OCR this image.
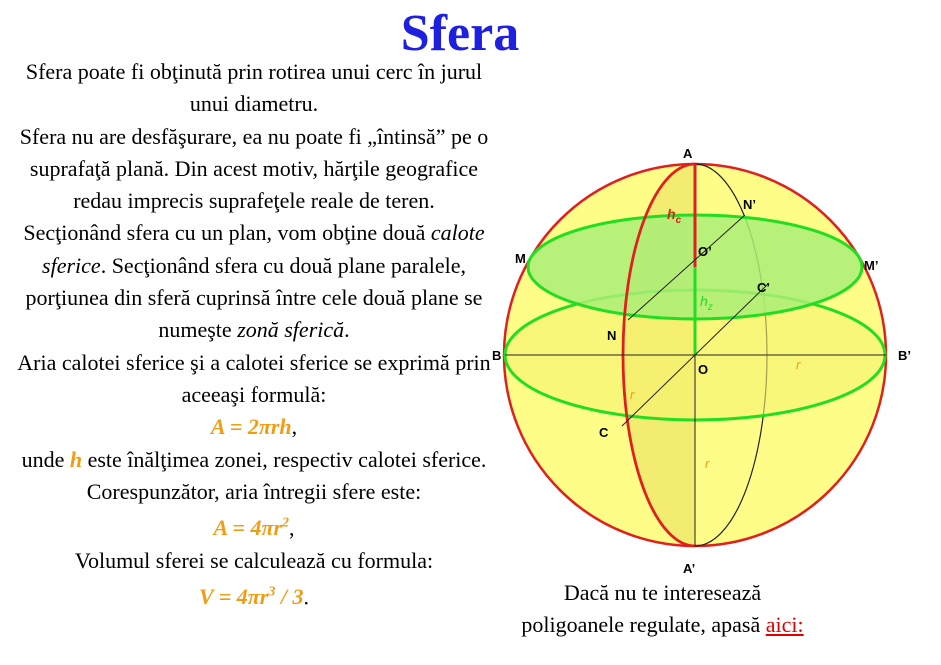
Sfera

Sfera poate fi obţinută prin rotirea unui cerc în jurul unui diametru.

Sfera nu are desfăşurare, ea nu poate fi „întinsă” pe o suprafaţă plană. Din acest motiv, hărţile geografice redau imprecis suprafeţele reale de teren.

Secţionând sfera cu un plan, vom obţine două calote sferice. Secţionând sfera cu două plane paralele, porţiunea din sferă cuprinsă între cele două plane se numeşte zonă sferică.

Aria calotei sferice şi a calotei sferice se exprimă prin aceeaşi formulă:

A = 2πrh,

unde h este înălţimea zonei, respectiv calotei sferice.

Corespunzător, aria întregii sfere este:

$A = 4\pi r^2$,

Volumul sferei se calculează cu formula:

$V = 4\pi r^3 / 3$.

A
A’
B	B’
M	M’
N
N’
C
C’
O
O’
$h_c$
$h_z$
r
r
r
Dacă nu te interesează
poligoanele regulate, apasă aici:
